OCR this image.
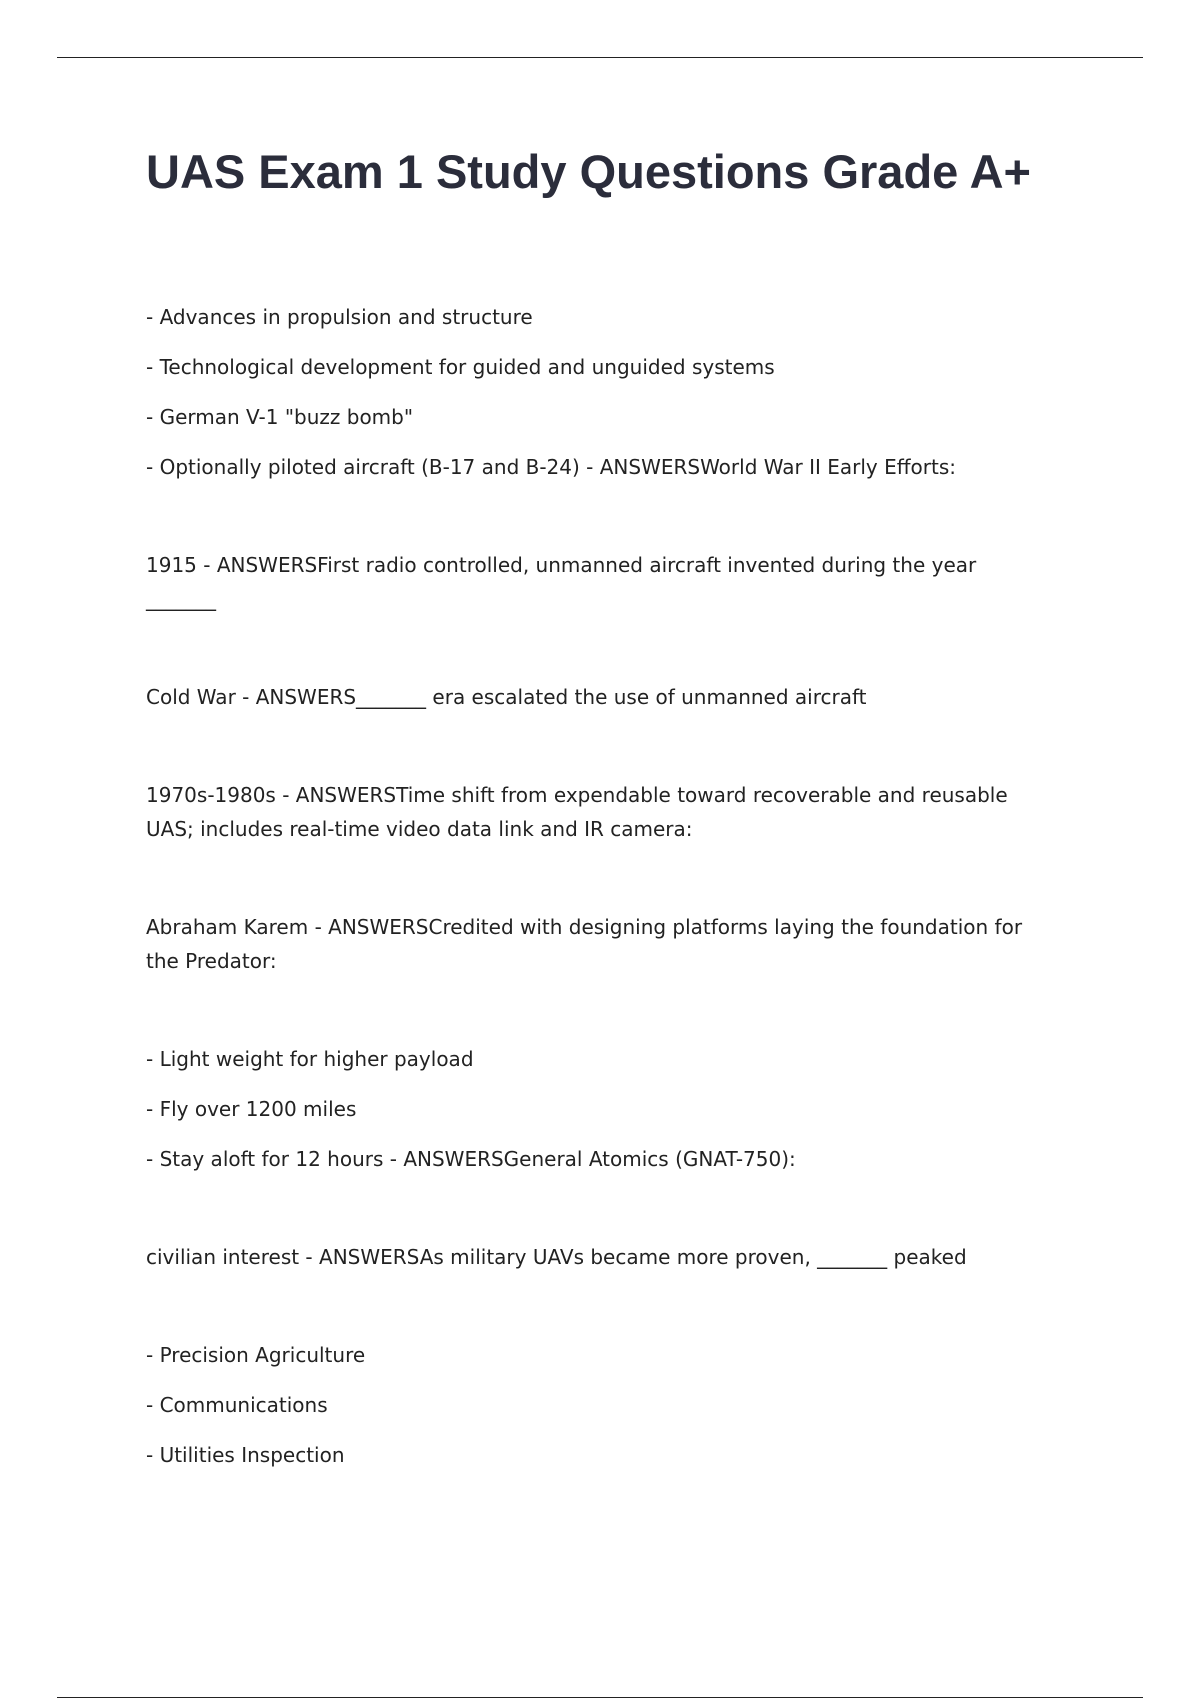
UAS Exam 1 Study Questions Grade A+

- Advances in propulsion and structure

- Technological development for guided and unguided systems

- German V-1 "buzz bomb"

- Optionally piloted aircraft (B-17 and B-24) - ANSWERSWorld War II Early Efforts:

1915 - ANSWERSFirst radio controlled, unmanned aircraft invented during the year _______

Cold War - ANSWERS_______ era escalated the use of unmanned aircraft

1970s-1980s - ANSWERSTime shift from expendable toward recoverable and reusable UAS; includes real-time video data link and IR camera:

Abraham Karem - ANSWERSCredited with designing platforms laying the foundation for the Predator:

- Light weight for higher payload

- Fly over 1200 miles

- Stay aloft for 12 hours - ANSWERSGeneral Atomics (GNAT-750):

civilian interest - ANSWERSAs military UAVs became more proven, _______ peaked

- Precision Agriculture

- Communications

- Utilities Inspection
